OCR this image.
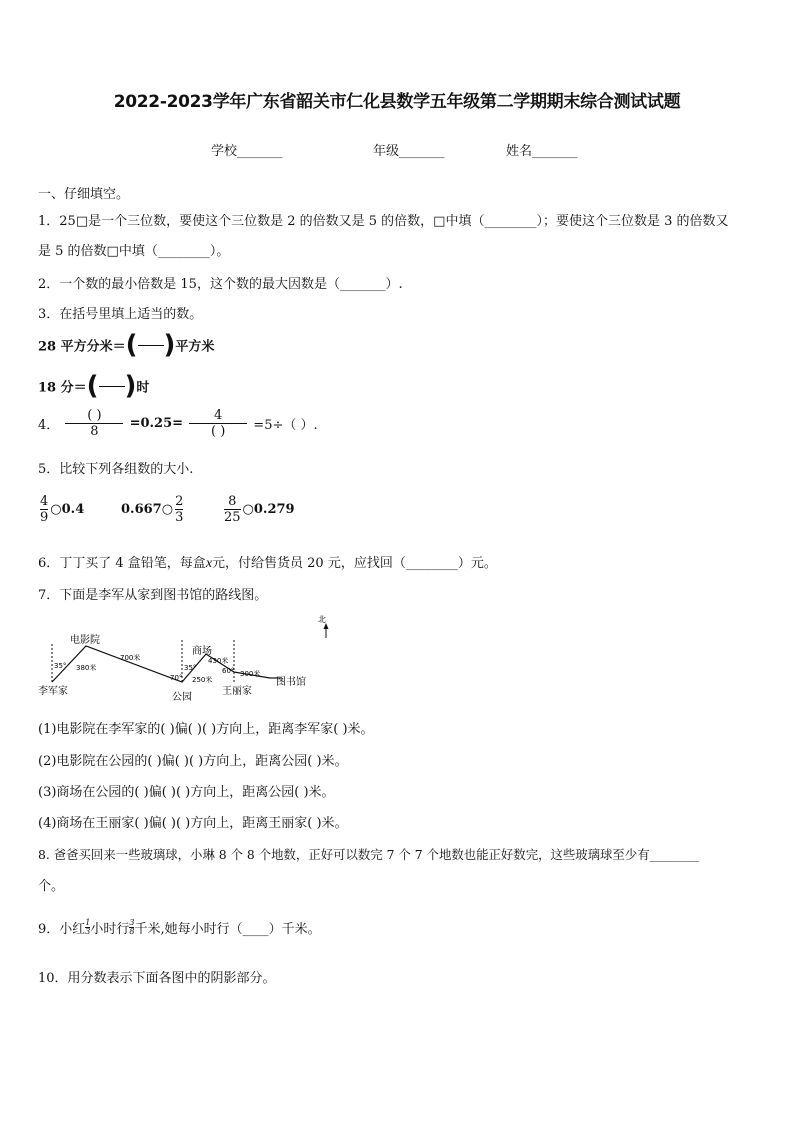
2022-2023学年广东省韶关市仁化县数学五年级第二学期期末综合测试试题
学校_______	年级_______	姓名_______
一、仔细填空。
1．25□是一个三位数，要使这个三位数是 2 的倍数又是 5 的倍数，□中填（________）；要使这个三位数是 3 的倍数又
是 5 的倍数□中填（________）。
2．一个数的最小倍数是 15，这个数的最大因数是（_______）.
3．在括号里填上适当的数。
28 平方分米＝( )平方米
18 分＝( )时
4． $\frac{( )}{8} =0.25= \frac{4}{( )} =5\div$（ ）.
5．比较下列各组数的大小.
$\frac{4}{9}$ ○0.4	0.667○ $\frac{2}{3}$	$\frac{8}{25}$ ○0.279
6．丁丁买了 4 盒铅笔，每盒x元，付给售货员 20 元，应找回（________）元。
7．下面是李军从家到图书馆的路线图。
北
电影院
李军家
公园
商场
王丽家
图书馆
35° 380米
700米
70°
35°
250米
430米
60° 300米
(1)电影院在李军家的( )偏( )( )方向上，距离李军家( )米。
(2)电影院在公园的( )偏( )( )方向上，距离公园( )米。
(3)商场在公园的( )偏( )( )方向上，距离公园( )米。
(4)商场在王丽家( )偏( )( )方向上，距离王丽家( )米。
8. 爸爸买回来一些玻璃球，小琳 8 个 8 个地数，正好可以数完 7 个 7 个地数也能正好数完，这些玻璃球至少有________
个。
9．小红$\frac{1}{3}$小时行$\frac{3}{8}$千米,她每小时行（____）千米。
10．用分数表示下面各图中的阴影部分。
